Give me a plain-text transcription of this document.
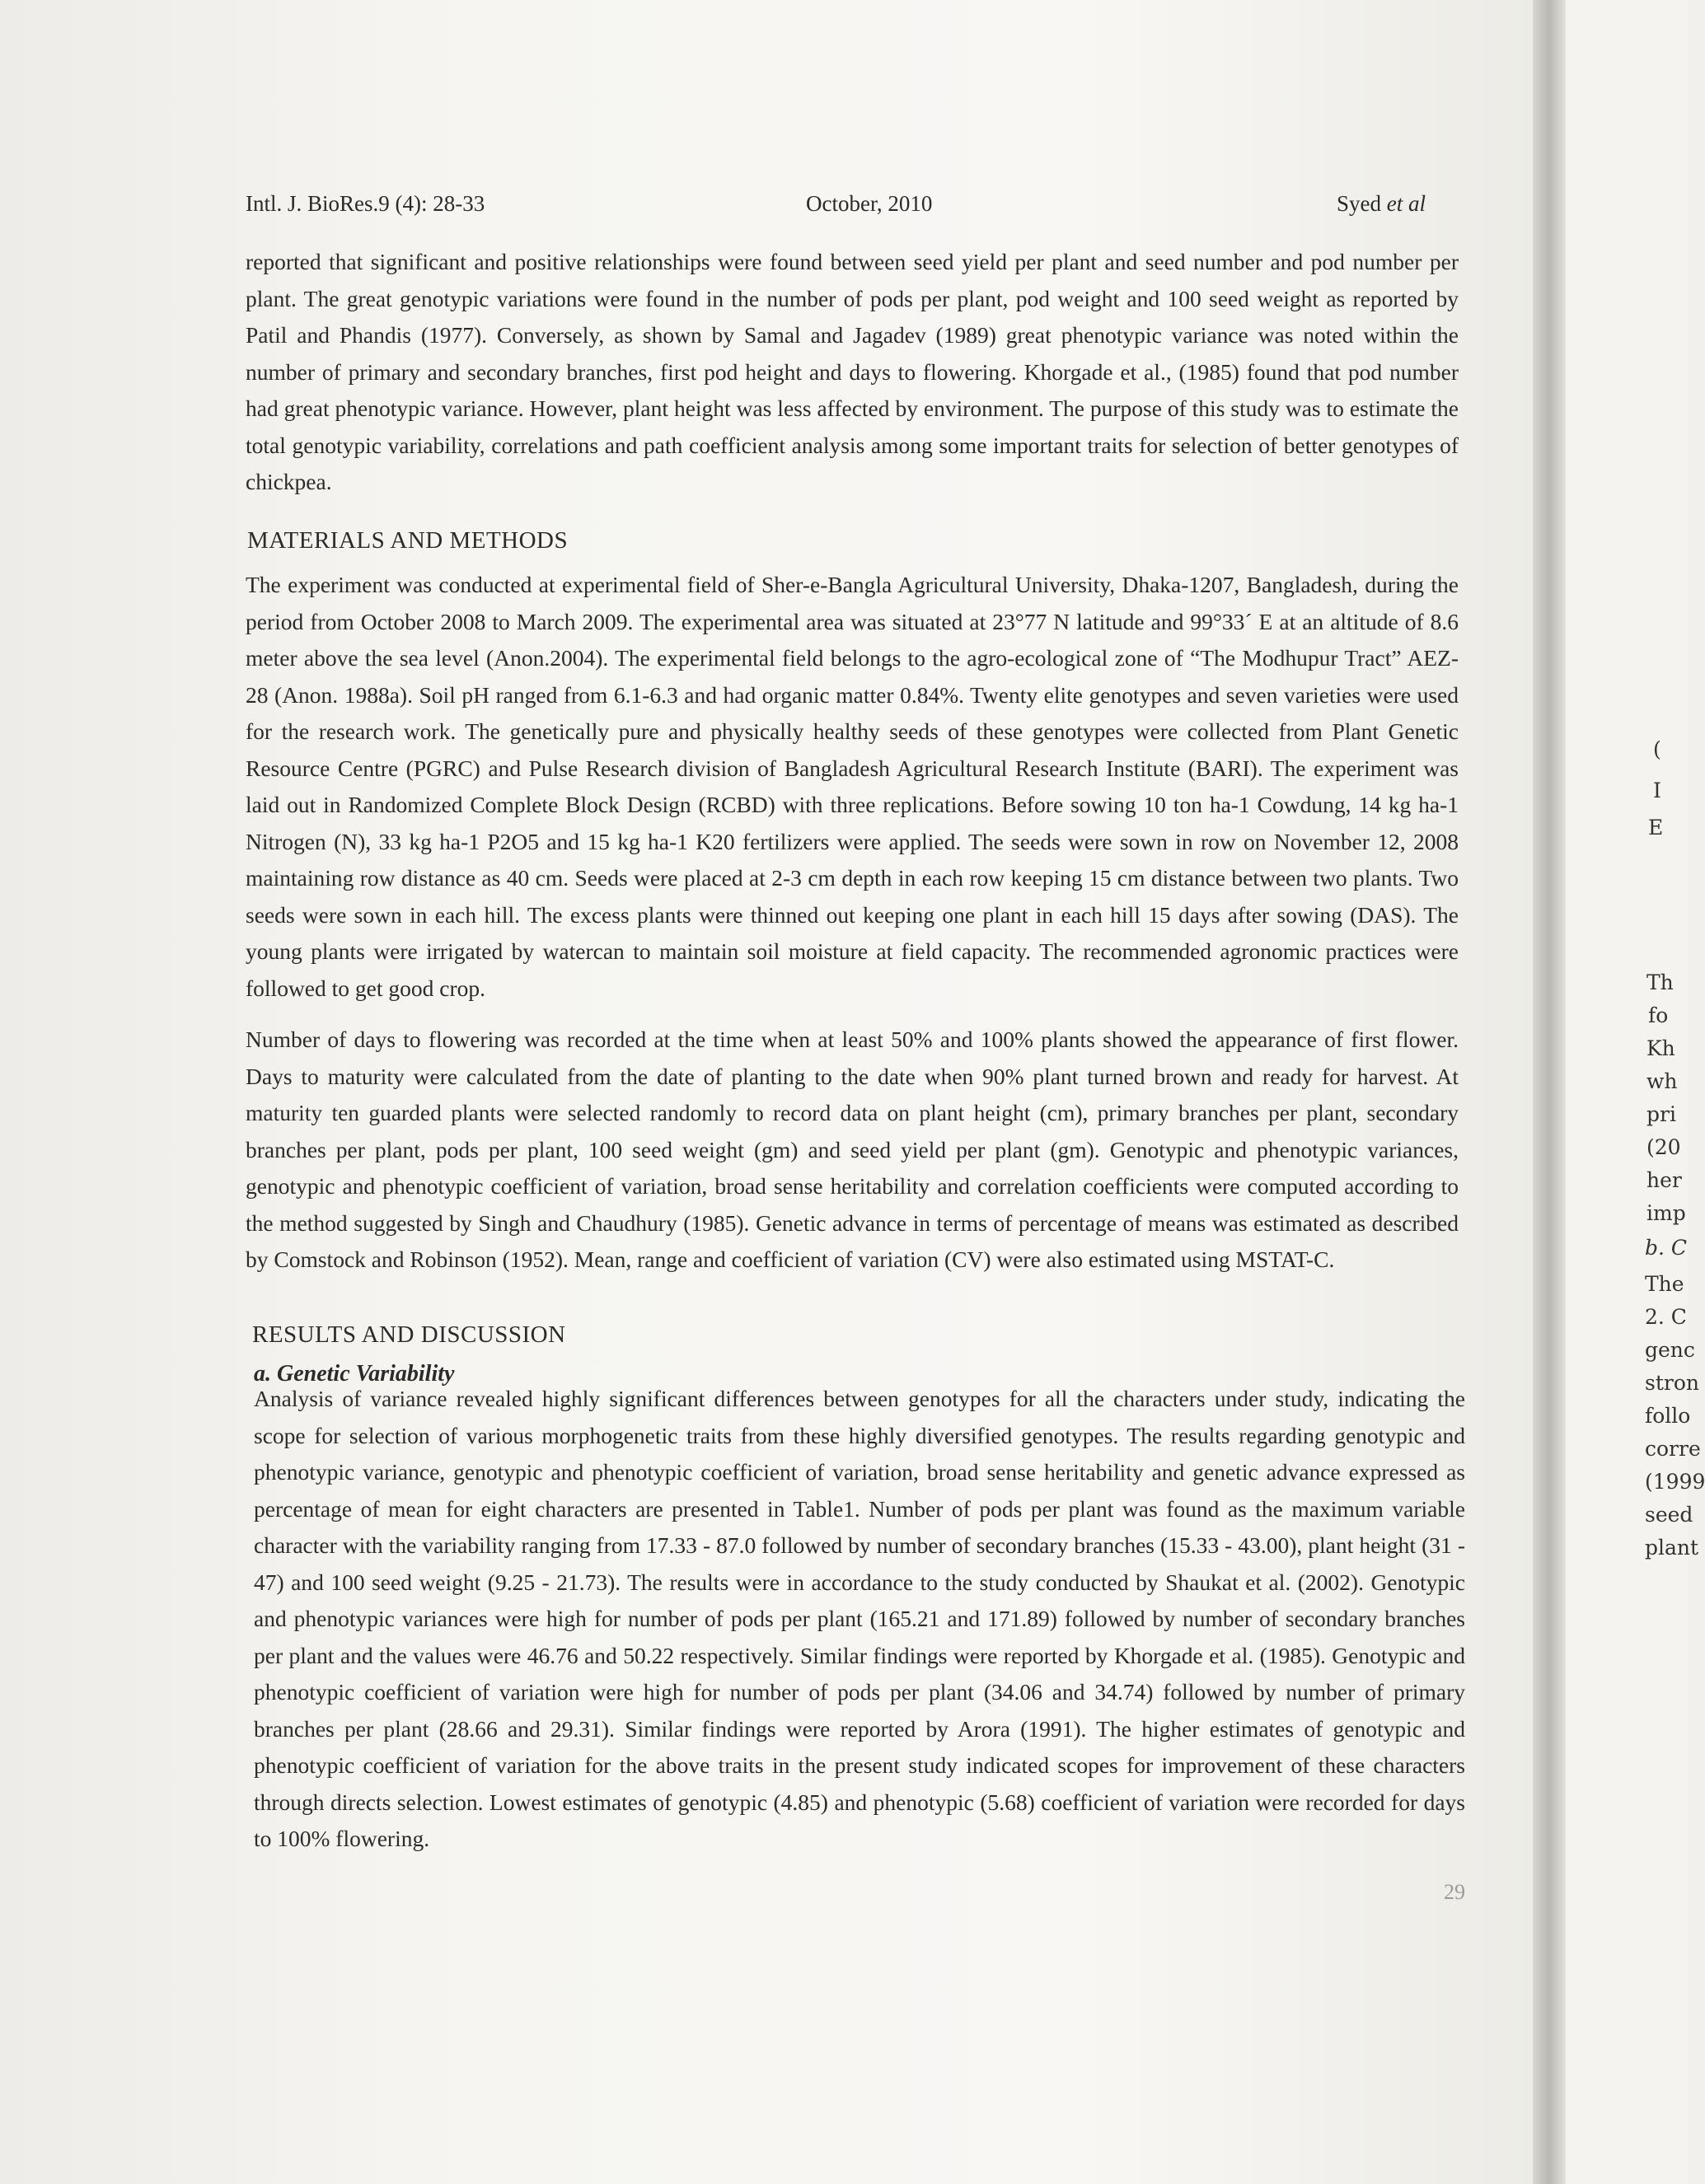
Intl. J. BioRes.9 (4): 28-33	October, 2010	Syed et al

reported that significant and positive relationships were found between seed yield per plant and seed number and pod number per plant. The great genotypic variations were found in the number of pods per plant, pod weight and 100 seed weight as reported by Patil and Phandis (1977). Conversely, as shown by Samal and Jagadev (1989) great phenotypic variance was noted within the number of primary and secondary branches, first pod height and days to flowering. Khorgade et al., (1985) found that pod number had great phenotypic variance. However, plant height was less affected by environment. The purpose of this study was to estimate the total genotypic variability, correlations and path coefficient analysis among some important traits for selection of better genotypes of chickpea.

MATERIALS AND METHODS

The experiment was conducted at experimental field of Sher-e-Bangla Agricultural University, Dhaka-1207, Bangladesh, during the period from October 2008 to March 2009. The experimental area was situated at 23°77 N latitude and 99°33´ E at an altitude of 8.6 meter above the sea level (Anon.2004). The experimental field belongs to the agro-ecological zone of “The Modhupur Tract” AEZ-28 (Anon. 1988a). Soil pH ranged from 6.1-6.3 and had organic matter 0.84%. Twenty elite genotypes and seven varieties were used for the research work. The genetically pure and physically healthy seeds of these genotypes were collected from Plant Genetic Resource Centre (PGRC) and Pulse Research division of Bangladesh Agricultural Research Institute (BARI). The experiment was laid out in Randomized Complete Block Design (RCBD) with three replications. Before sowing 10 ton ha-1 Cowdung, 14 kg ha-1 Nitrogen (N), 33 kg ha-1 P2O5 and 15 kg ha-1 K20 fertilizers were applied. The seeds were sown in row on November 12, 2008 maintaining row distance as 40 cm. Seeds were placed at 2-3 cm depth in each row keeping 15 cm distance between two plants. Two seeds were sown in each hill. The excess plants were thinned out keeping one plant in each hill 15 days after sowing (DAS). The young plants were irrigated by watercan to maintain soil moisture at field capacity. The recommended agronomic practices were followed to get good crop.

Number of days to flowering was recorded at the time when at least 50% and 100% plants showed the appearance of first flower. Days to maturity were calculated from the date of planting to the date when 90% plant turned brown and ready for harvest. At maturity ten guarded plants were selected randomly to record data on plant height (cm), primary branches per plant, secondary branches per plant, pods per plant, 100 seed weight (gm) and seed yield per plant (gm). Genotypic and phenotypic variances, genotypic and phenotypic coefficient of variation, broad sense heritability and correlation coefficients were computed according to the method suggested by Singh and Chaudhury (1985). Genetic advance in terms of percentage of means was estimated as described by Comstock and Robinson (1952). Mean, range and coefficient of variation (CV) were also estimated using MSTAT-C.

RESULTS AND DISCUSSION
a. Genetic Variability

Analysis of variance revealed highly significant differences between genotypes for all the characters under study, indicating the scope for selection of various morphogenetic traits from these highly diversified genotypes. The results regarding genotypic and phenotypic variance, genotypic and phenotypic coefficient of variation, broad sense heritability and genetic advance expressed as percentage of mean for eight characters are presented in Table1. Number of pods per plant was found as the maximum variable character with the variability ranging from 17.33 - 87.0 followed by number of secondary branches (15.33 - 43.00), plant height (31 - 47) and 100 seed weight (9.25 - 21.73). The results were in accordance to the study conducted by Shaukat et al. (2002). Genotypic and phenotypic variances were high for number of pods per plant (165.21 and 171.89) followed by number of secondary branches per plant and the values were 46.76 and 50.22 respectively. Similar findings were reported by Khorgade et al. (1985). Genotypic and phenotypic coefficient of variation were high for number of pods per plant (34.06 and 34.74) followed by number of primary branches per plant (28.66 and 29.31). Similar findings were reported by Arora (1991). The higher estimates of genotypic and phenotypic coefficient of variation for the above traits in the present study indicated scopes for improvement of these characters through directs selection. Lowest estimates of genotypic (4.85) and phenotypic (5.68) coefficient of variation were recorded for days to 100% flowering.

29
(
I
E
Th
fo
Kh
wh
pri
(20
her
imp
b. C
The
2. C
genc
stron
follo
corre
(1999
seed
plant
